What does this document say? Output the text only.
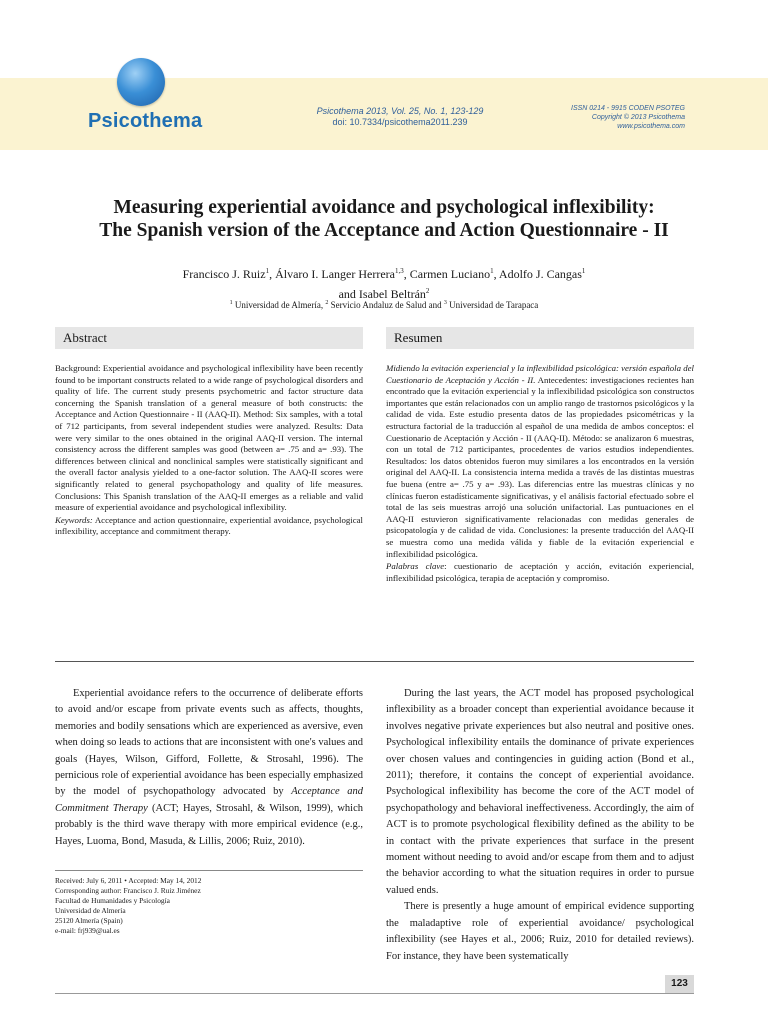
Psicothema	Psicothema 2013, Vol. 25, No. 1, 123-129
doi: 10.7334/psicothema2011.239
ISSN 0214 - 9915 CODEN PSOTEG
Copyright © 2013 Psicothema
www.psicothema.com
Measuring experiential avoidance and psychological inflexibility:
The Spanish version of the Acceptance and Action Questionnaire - II
Francisco J. Ruiz$^1$, Álvaro I. Langer Herrera$^{1,3}$, Carmen Luciano$^1$, Adolfo J. Cangas$^1$
and Isabel Beltrán$^2$
$^1$ Universidad de Almería, $^2$ Servicio Andaluz de Salud and $^3$ Universidad de Tarapaca
Abstract	Resumen

Background: Experiential avoidance and psychological inflexibility have been recently found to be important constructs related to a wide range of psychological disorders and quality of life. The current study presents psychometric and factor structure data concerning the Spanish translation of a general measure of both constructs: the Acceptance and Action Questionnaire - II (AAQ-II). Method: Six samples, with a total of 712 participants, from several independent studies were analyzed. Results: Data were very similar to the ones obtained in the original AAQ-II version. The internal consistency across the different samples was good (between a= .75 and a= .93). The differences between clinical and nonclinical samples were statistically significant and the overall factor analysis yielded to a one-factor solution. The AAQ-II scores were significantly related to general psychopathology and quality of life measures. Conclusions: This Spanish translation of the AAQ-II emerges as a reliable and valid measure of experiential avoidance and psychological inflexibility.

Keywords: Acceptance and action questionnaire, experiential avoidance, psychological inflexibility, acceptance and commitment therapy.

Midiendo la evitación experiencial y la inflexibilidad psicológica: versión española del Cuestionario de Aceptación y Acción - II. Antecedentes: investigaciones recientes han encontrado que la evitación experiencial y la inflexibilidad psicológica son constructos importantes que están relacionados con un amplio rango de trastornos psicológicos y la calidad de vida. Este estudio presenta datos de las propiedades psicométricas y la estructura factorial de la traducción al español de una medida de ambos conceptos: el Cuestionario de Aceptación y Acción - II (AAQ-II). Método: se analizaron 6 muestras, con un total de 712 participantes, procedentes de varios estudios independientes. Resultados: los datos obtenidos fueron muy similares a los encontrados en la versión original del AAQ-II. La consistencia interna medida a través de las distintas muestras fue buena (entre a= .75 y a= .93). Las diferencias entre las muestras clínicas y no clínicas fueron estadísticamente significativas, y el análisis factorial efectuado sobre el total de las seis muestras arrojó una solución unifactorial. Las puntuaciones en el AAQ-II estuvieron significativamente relacionadas con medidas generales de psicopatología y de calidad de vida. Conclusiones: la presente traducción del AAQ-II se muestra como una medida válida y fiable de la evitación experiencial e inflexibilidad psicológica.

Palabras clave: cuestionario de aceptación y acción, evitación experiencial, inflexibilidad psicológica, terapia de aceptación y compromiso.

Experiential avoidance refers to the occurrence of deliberate efforts to avoid and/or escape from private events such as affects, thoughts, memories and bodily sensations which are experienced as aversive, even when doing so leads to actions that are inconsistent with one's values and goals (Hayes, Wilson, Gifford, Follette, & Strosahl, 1996). The pernicious role of experiential avoidance has been especially emphasized by the model of psychopathology advocated by Acceptance and Commitment Therapy (ACT; Hayes, Strosahl, & Wilson, 1999), which probably is the third wave therapy with more empirical evidence (e.g., Hayes, Luoma, Bond, Masuda, & Lillis, 2006; Ruiz, 2010).

Received: July 6, 2011 • Accepted: May 14, 2012
Corresponding author: Francisco J. Ruiz Jiménez
Facultad de Humanidades y Psicología
Universidad de Almería
25120 Almería (Spain)
e-mail: frj939@ual.es

During the last years, the ACT model has proposed psychological inflexibility as a broader concept than experiential avoidance because it involves negative private experiences but also neutral and positive ones. Psychological inflexibility entails the dominance of private experiences over chosen values and contingencies in guiding action (Bond et al., 2011); therefore, it contains the concept of experiential avoidance. Psychological inflexibility has become the core of the ACT model of psychopathology and behavioral ineffectiveness. Accordingly, the aim of ACT is to promote psychological flexibility defined as the ability to be in contact with the private experiences that surface in the present moment without needing to avoid and/or escape from them and to adjust the behavior according to what the situation requires in order to pursue valued ends.

There is presently a huge amount of empirical evidence supporting the maladaptive role of experiential avoidance/ psychological inflexibility (see Hayes et al., 2006; Ruiz, 2010 for detailed reviews). For instance, they have been systematically

123
